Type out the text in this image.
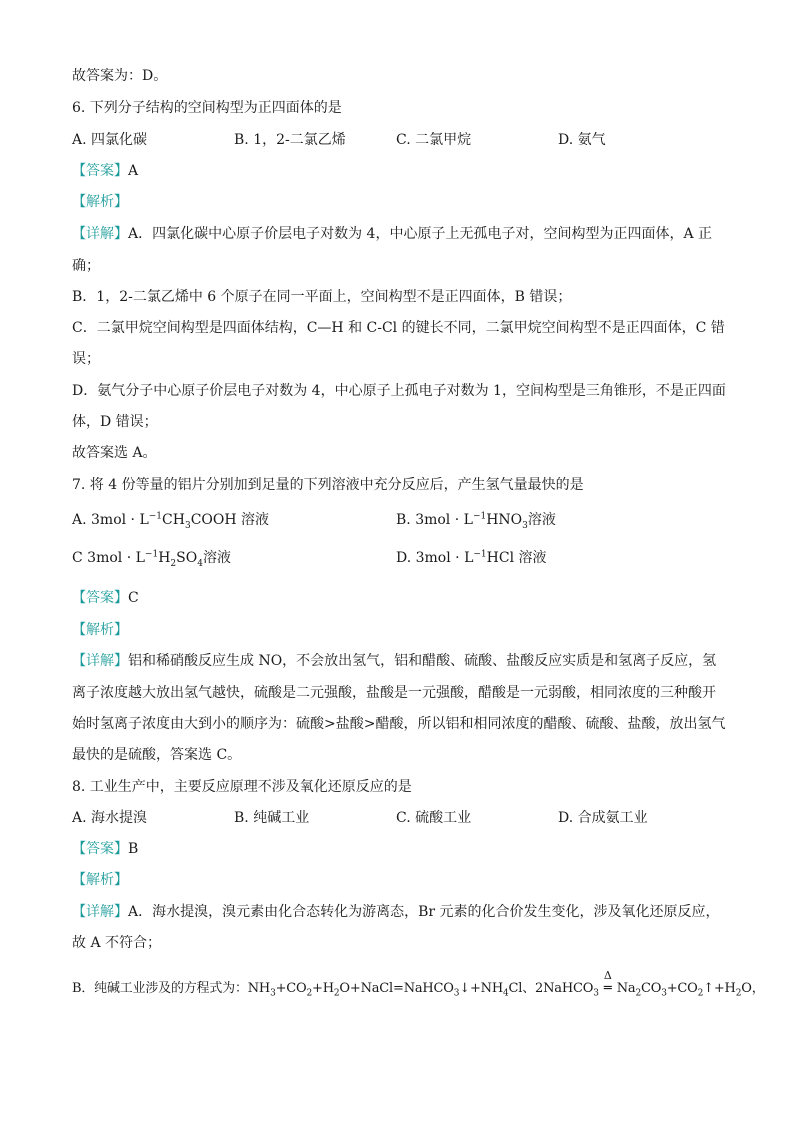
故答案为：D。
6. 下列分子结构的空间构型为正四面体的是
A. 四氯化碳	B. 1，2-二氯乙烯	C. 二氯甲烷	D. 氨气
【答案】A
【解析】
【详解】A．四氯化碳中心原子价层电子对数为 4，中心原子上无孤电子对，空间构型为正四面体，A 正
确；
B．1，2-二氯乙烯中 6 个原子在同一平面上，空间构型不是正四面体，B 错误；
C．二氯甲烷空间构型是四面体结构，C—H 和 C-Cl 的键长不同，二氯甲烷空间构型不是正四面体，C 错
误；
D．氨气分子中心原子价层电子对数为 4，中心原子上孤电子对数为 1，空间构型是三角锥形，不是正四面
体，D 错误；
故答案选 A。
7. 将 4 份等量的铝片分别加到足量的下列溶液中充分反应后，产生氢气量最快的是
A. $3mol \cdot L^{-1}CH_3COOH$ 溶液	B. $3mol \cdot L^{-1}HNO_3$溶液
C $3mol \cdot L^{-1}H_2SO_4$溶液	D. $3mol \cdot L^{-1}HCl$ 溶液
【答案】C
【解析】
【详解】铝和稀硝酸反应生成 NO，不会放出氢气，铝和醋酸、硫酸、盐酸反应实质是和氢离子反应，氢
离子浓度越大放出氢气越快，硫酸是二元强酸，盐酸是一元强酸，醋酸是一元弱酸，相同浓度的三种酸开
始时氢离子浓度由大到小的顺序为：硫酸>盐酸>醋酸，所以铝和相同浓度的醋酸、硫酸、盐酸，放出氢气
最快的是硫酸，答案选 C。
8. 工业生产中，主要反应原理不涉及氧化还原反应的是
A. 海水提溴	B. 纯碱工业	C. 硫酸工业	D. 合成氨工业
【答案】B
【解析】
【详解】A．海水提溴，溴元素由化合态转化为游离态，Br 元素的化合价发生变化，涉及氧化还原反应，
故 A 不符合；
B．纯碱工业涉及的方程式为：$NH_3+CO_2+H_2O+NaCl=NaHCO_3↓+NH_4Cl$、2NaHCO$_3$
Δ
═ $Na_2CO_3+CO_2↑+H_2O$，
